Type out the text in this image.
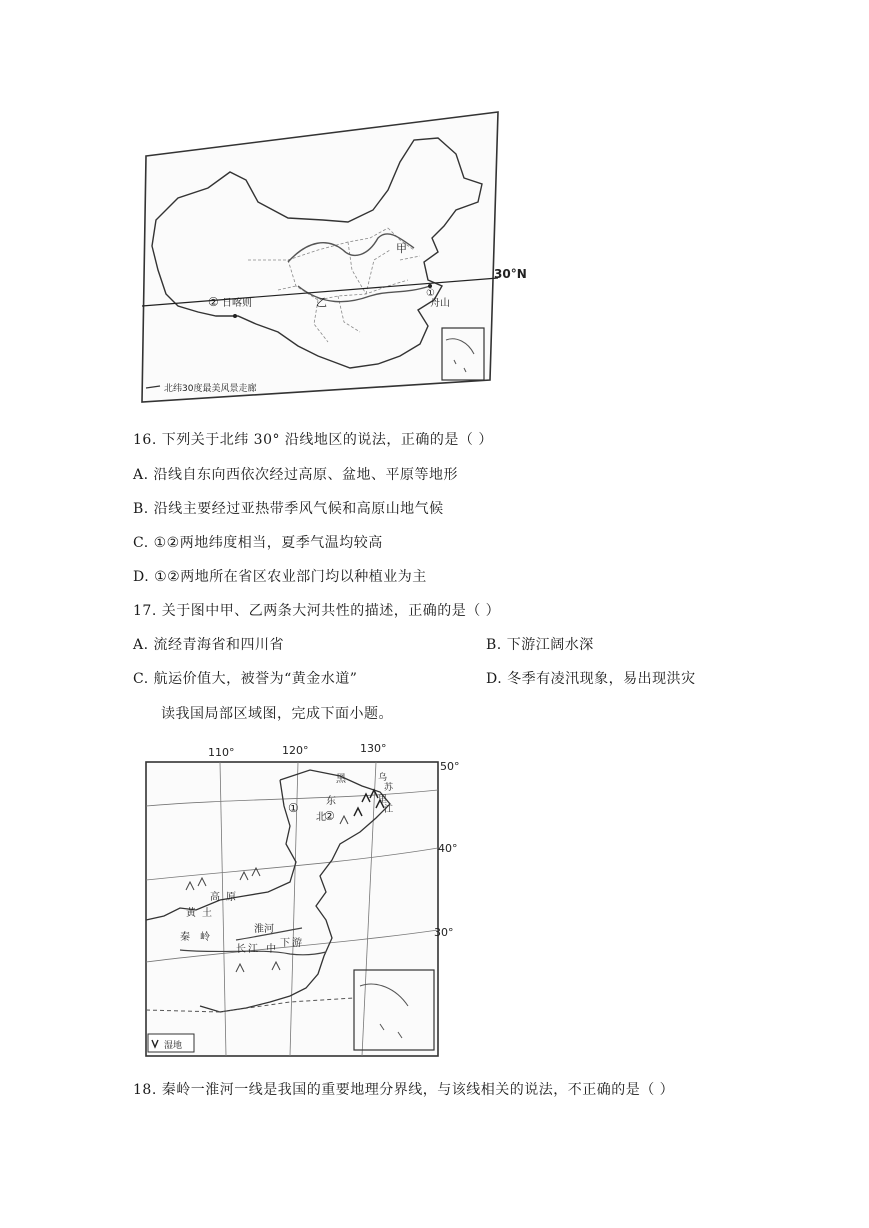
30°N
② 日喀则
①
舟山
甲
乙
北纬30度最美风景走廊
16. 下列关于北纬 30° 沿线地区的说法，正确的是（ ）
A. 沿线自东向西依次经过高原、盆地、平原等地形
B. 沿线主要经过亚热带季风气候和高原山地气候
C. ①②两地纬度相当，夏季气温均较高
D. ①②两地所在省区农业部门均以种植业为主
17. 关于图中甲、乙两条大河共性的描述，正确的是（ ）
A. 流经青海省和四川省	B. 下游江阔水深
C. 航运价值大，被誉为“黄金水道”	D. 冬季有凌汛现象，易出现洪灾
读我国局部区域图，完成下面小题。
110°	120°	130°
50°
40°
30°
黑
东
北
①
②
黄 土
高 原
秦 岭
淮河
长 江 中
下 游
乌
苏
里
江
湿地
18. 秦岭一淮河一线是我国的重要地理分界线，与该线相关的说法，不正确的是（ ）
